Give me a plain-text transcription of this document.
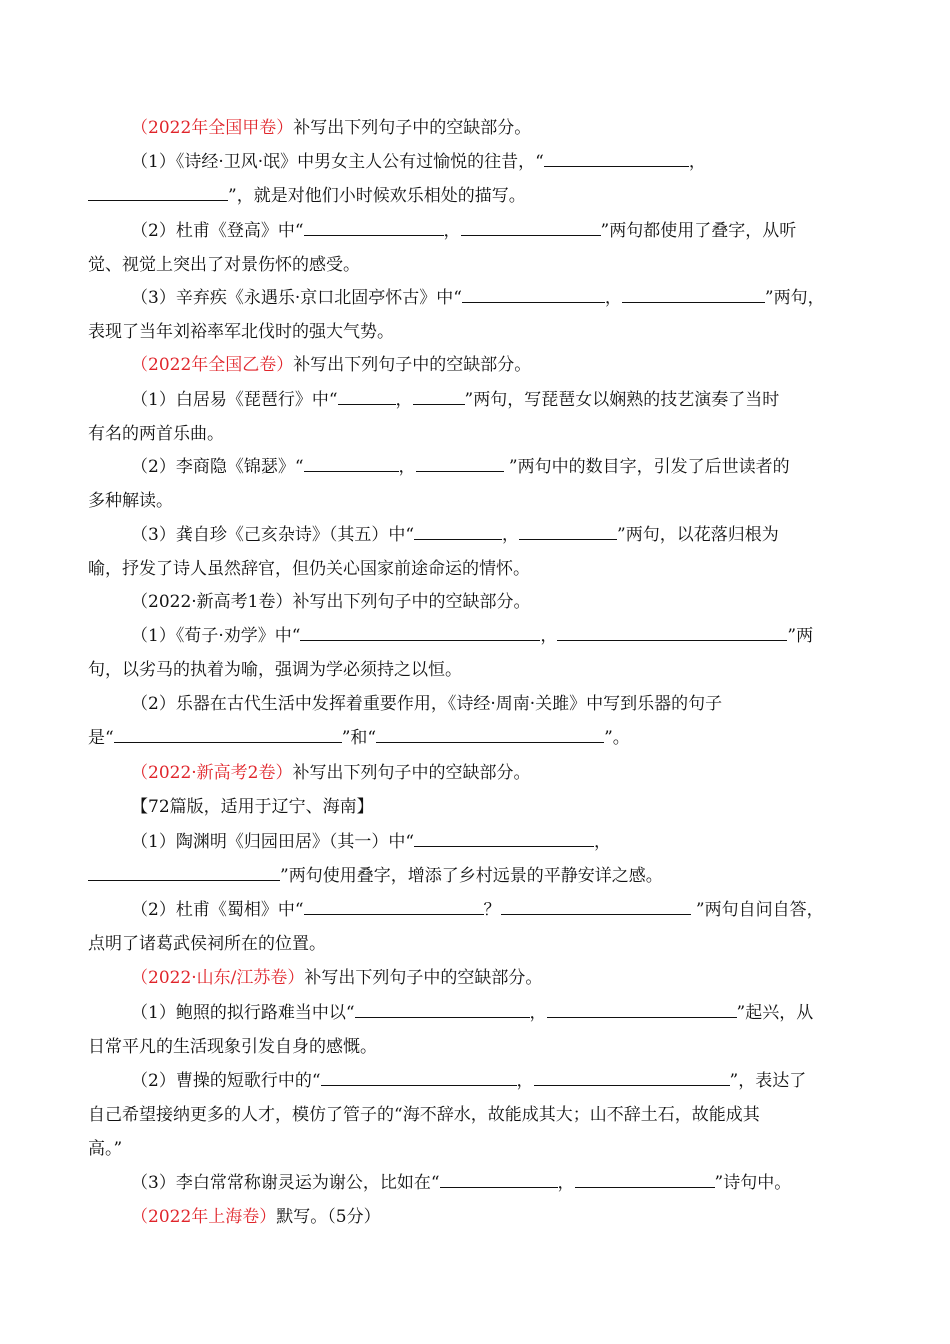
（2022年全国甲卷）补写出下列句子中的空缺部分。
（1）《诗经·卫风·氓》中男女主人公有过愉悦的往昔，“	，
”，就是对他们小时候欢乐相处的描写。
（2）杜甫《登高》中“	，	”两句都使用了叠字，从听
觉、视觉上突出了对景伤怀的感受。
（3）辛弃疾《永遇乐·京口北固亭怀古》中“	，	”两句，
表现了当年刘裕率军北伐时的强大气势。
（2022年全国乙卷）补写出下列句子中的空缺部分。
（1）白居易《琵琶行》中“	，	”两句，写琵琶女以娴熟的技艺演奏了当时
有名的两首乐曲。
（2）李商隐《锦瑟》“	，	”两句中的数目字，引发了后世读者的
多种解读。
（3）龚自珍《己亥杂诗》（其五）中“	，	”两句，以花落归根为
喻，抒发了诗人虽然辞官，但仍关心国家前途命运的情怀。
（2022·新高考1卷）补写出下列句子中的空缺部分。
（1）《荀子·劝学》中“	，	”两
句，以劣马的执着为喻，强调为学必须持之以恒。
（2）乐器在古代生活中发挥着重要作用，《诗经·周南·关雎》中写到乐器的句子
是“	”和“	”。
（2022·新高考2卷）补写出下列句子中的空缺部分。
【72篇版，适用于辽宁、海南】
（1）陶渊明《归园田居》（其一）中“	，
”两句使用叠字，增添了乡村远景的平静安详之感。
（2）杜甫《蜀相》中“	？	”两句自问自答，
点明了诸葛武侯祠所在的位置。
（2022·山东/江苏卷）补写出下列句子中的空缺部分。
（1）鲍照的拟行路难当中以“	，	”起兴，从
日常平凡的生活现象引发自身的感慨。
（2）曹操的短歌行中的“	，	”，表达了
自己希望接纳更多的人才，模仿了管子的“海不辞水，故能成其大；山不辞土石，故能成其
高。”
（3）李白常常称谢灵运为谢公，比如在“	，	”诗句中。
（2022年上海卷）默写。（5分）
